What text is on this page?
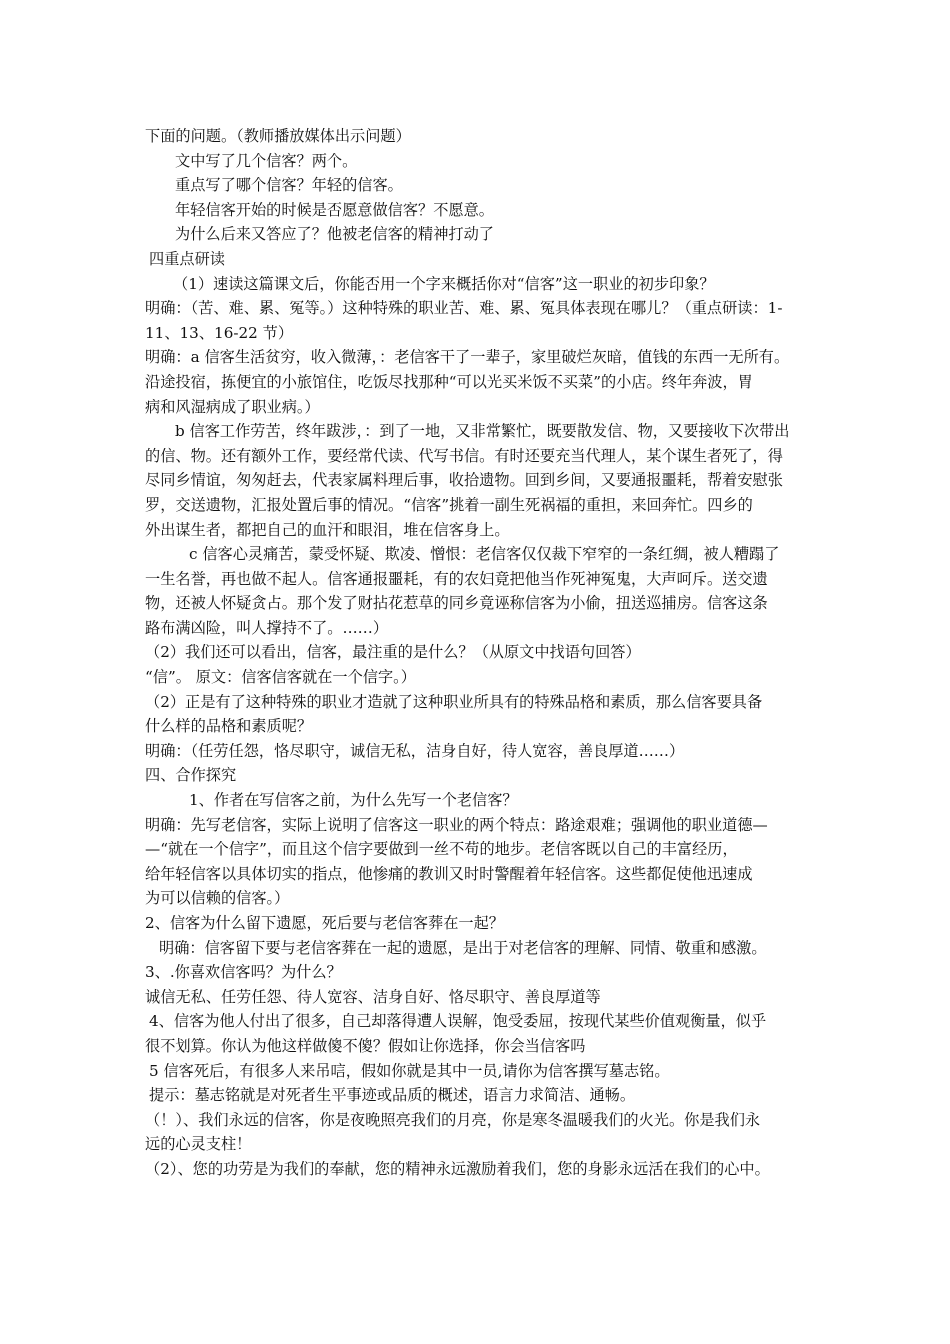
下面的问题。（教师播放媒体出示问题）
文中写了几个信客？两个。
重点写了哪个信客？年轻的信客。
年轻信客开始的时候是否愿意做信客？不愿意。
为什么后来又答应了？他被老信客的精神打动了
四重点研读
（1）速读这篇课文后，你能否用一个字来概括你对“信客”这一职业的初步印象？
明确：（苦、难、累、冤等。）这种特殊的职业苦、难、累、冤具体表现在哪儿？（重点研读：1-
11、13、16-22 节）
明确：a 信客生活贫穷，收入微薄，：老信客干了一辈子，家里破烂灰暗，值钱的东西一无所有。
沿途投宿，拣便宜的小旅馆住，吃饭尽找那种“可以光买米饭不买菜”的小店。终年奔波，胃
病和风湿病成了职业病。）
b 信客工作劳苦，终年跋涉，：到了一地，又非常繁忙，既要散发信、物，又要接收下次带出
的信、物。还有额外工作，要经常代读、代写书信。有时还要充当代理人，某个谋生者死了，得
尽同乡情谊，匆匆赶去，代表家属料理后事，收拾遗物。回到乡间，又要通报噩耗，帮着安慰张
罗，交送遗物，汇报处置后事的情况。“信客”挑着一副生死祸福的重担，来回奔忙。四乡的
外出谋生者，都把自己的血汗和眼泪，堆在信客身上。
c 信客心灵痛苦，蒙受怀疑、欺凌、憎恨：老信客仅仅裁下窄窄的一条红绸，被人糟蹋了
一生名誉，再也做不起人。信客通报噩耗，有的农妇竟把他当作死神冤鬼，大声呵斥。送交遗
物，还被人怀疑贪占。那个发了财拈花惹草的同乡竟诬称信客为小偷，扭送巡捕房。信客这条
路布满凶险，叫人撑持不了。……）
（2）我们还可以看出，信客，最注重的是什么？（从原文中找语句回答）
“信”。 原文：信客信客就在一个信字。）
（2）正是有了这种特殊的职业才造就了这种职业所具有的特殊品格和素质，那么信客要具备
什么样的品格和素质呢？
明确：（任劳任怨，恪尽职守，诚信无私，洁身自好，待人宽容，善良厚道……）
四、合作探究
1、作者在写信客之前，为什么先写一个老信客？
明确：先写老信客，实际上说明了信客这一职业的两个特点：路途艰难；强调他的职业道德—
—“就在一个信字”，而且这个信字要做到一丝不苟的地步。老信客既以自己的丰富经历，
给年轻信客以具体切实的指点，他惨痛的教训又时时警醒着年轻信客。这些都促使他迅速成
为可以信赖的信客。）
2、信客为什么留下遗愿，死后要与老信客葬在一起？
明确：信客留下要与老信客葬在一起的遗愿，是出于对老信客的理解、同情、敬重和感激。
3、.你喜欢信客吗？为什么？
诚信无私、任劳任怨、待人宽容、洁身自好、恪尽职守、善良厚道等
4、信客为他人付出了很多，自己却落得遭人误解，饱受委屈，按现代某些价值观衡量，似乎
很不划算。你认为他这样做傻不傻？假如让你选择，你会当信客吗
5 信客死后，有很多人来吊唁，假如你就是其中一员,请你为信客撰写墓志铭。
提示：墓志铭就是对死者生平事迹或品质的概述，语言力求简洁、通畅。
（！）、我们永远的信客，你是夜晚照亮我们的月亮，你是寒冬温暖我们的火光。你是我们永
远的心灵支柱！
（2）、您的功劳是为我们的奉献，您的精神永远激励着我们，您的身影永远活在我们的心中。
